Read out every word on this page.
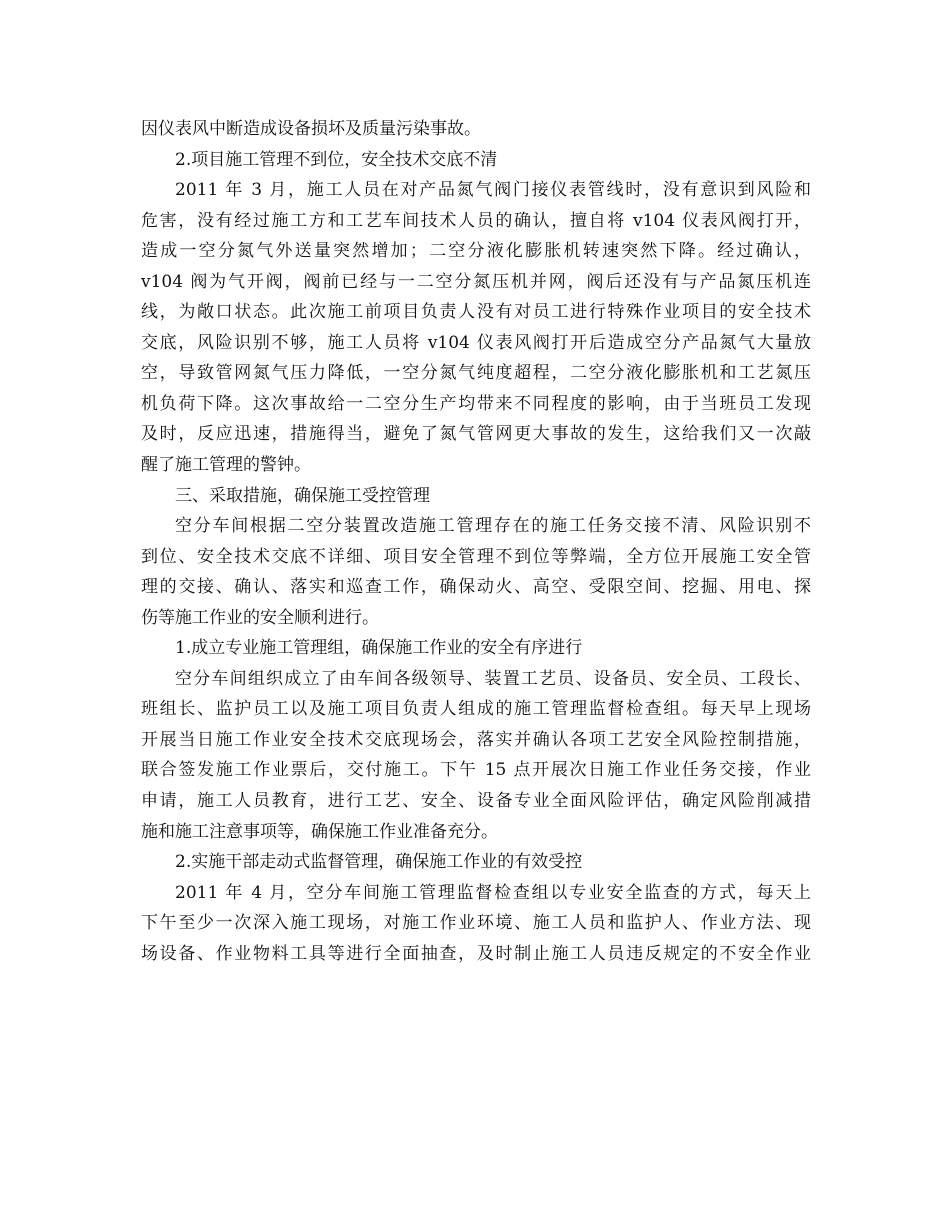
因仪表风中断造成设备损坏及质量污染事故。
2.项目施工管理不到位，安全技术交底不清
2011 年 3 月，施工人员在对产品氮气阀门接仪表管线时，没有意识到风险和
危害，没有经过施工方和工艺车间技术人员的确认，擅自将 v104 仪表风阀打开，
造成一空分氮气外送量突然增加；二空分液化膨胀机转速突然下降。经过确认，
v104 阀为气开阀，阀前已经与一二空分氮压机并网，阀后还没有与产品氮压机连
线，为敞口状态。此次施工前项目负责人没有对员工进行特殊作业项目的安全技术
交底，风险识别不够，施工人员将 v104 仪表风阀打开后造成空分产品氮气大量放
空，导致管网氮气压力降低，一空分氮气纯度超程，二空分液化膨胀机和工艺氮压
机负荷下降。这次事故给一二空分生产均带来不同程度的影响，由于当班员工发现
及时，反应迅速，措施得当，避免了氮气管网更大事故的发生，这给我们又一次敲
醒了施工管理的警钟。
三、采取措施，确保施工受控管理
空分车间根据二空分装置改造施工管理存在的施工任务交接不清、风险识别不
到位、安全技术交底不详细、项目安全管理不到位等弊端，全方位开展施工安全管
理的交接、确认、落实和巡查工作，确保动火、高空、受限空间、挖掘、用电、探
伤等施工作业的安全顺利进行。
1.成立专业施工管理组，确保施工作业的安全有序进行
空分车间组织成立了由车间各级领导、装置工艺员、设备员、安全员、工段长、
班组长、监护员工以及施工项目负责人组成的施工管理监督检查组。每天早上现场
开展当日施工作业安全技术交底现场会，落实并确认各项工艺安全风险控制措施，
联合签发施工作业票后，交付施工。下午 15 点开展次日施工作业任务交接，作业
申请，施工人员教育，进行工艺、安全、设备专业全面风险评估，确定风险削减措
施和施工注意事项等，确保施工作业准备充分。
2.实施干部走动式监督管理，确保施工作业的有效受控
2011 年 4 月，空分车间施工管理监督检查组以专业安全监查的方式，每天上
下午至少一次深入施工现场，对施工作业环境、施工人员和监护人、作业方法、现
场设备、作业物料工具等进行全面抽查，及时制止施工人员违反规定的不安全作业
